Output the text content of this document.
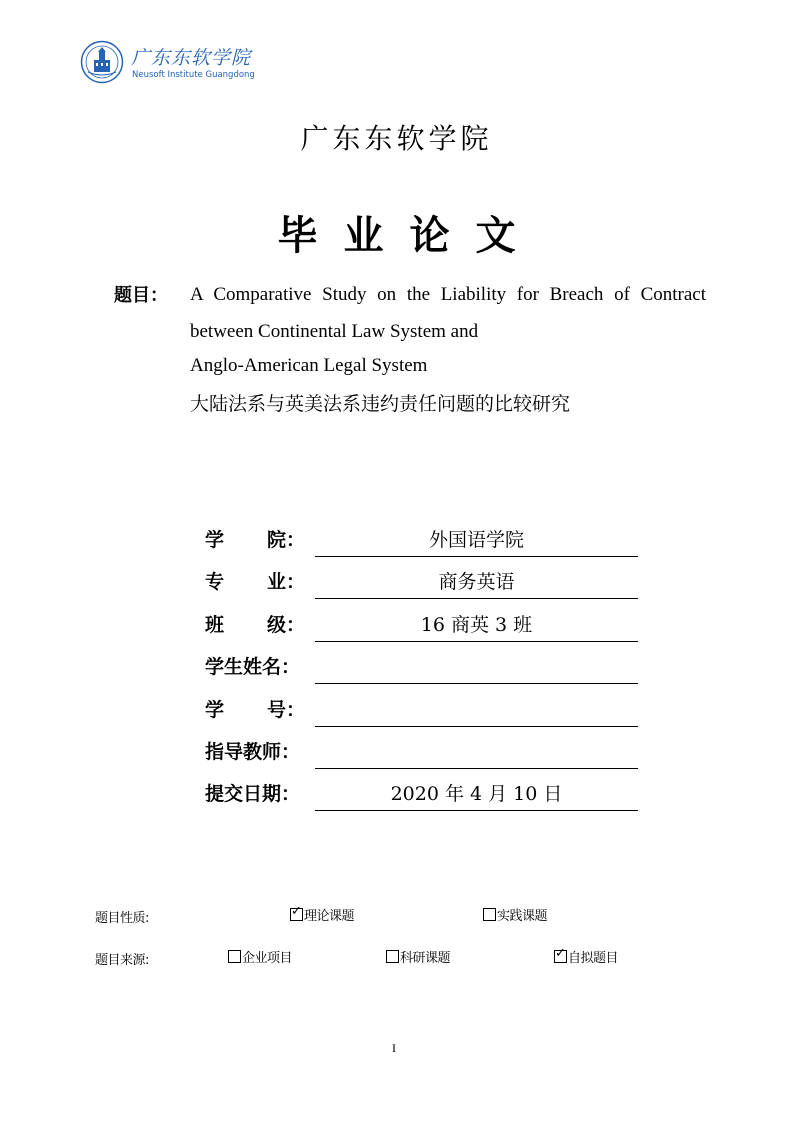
广东东软学院
Neusoft Institute Guangdong
广东东软学院
毕业论文
题目： A Comparative Study on the Liability for Breach of Contract between Continental Law System and
Anglo-American Legal System
大陆法系与英美法系违约责任问题的比较研究
学 院：	外国语学院
专 业：	商务英语
班 级：	16 商英 3 班
学生姓名：
学 号：
指导教师：
提交日期：	2020 年 4 月 10 日
题目性质: ✓	理论课题	实践课题
题目来源:	企业项目	科研课题 ✓	自拟题目
I
